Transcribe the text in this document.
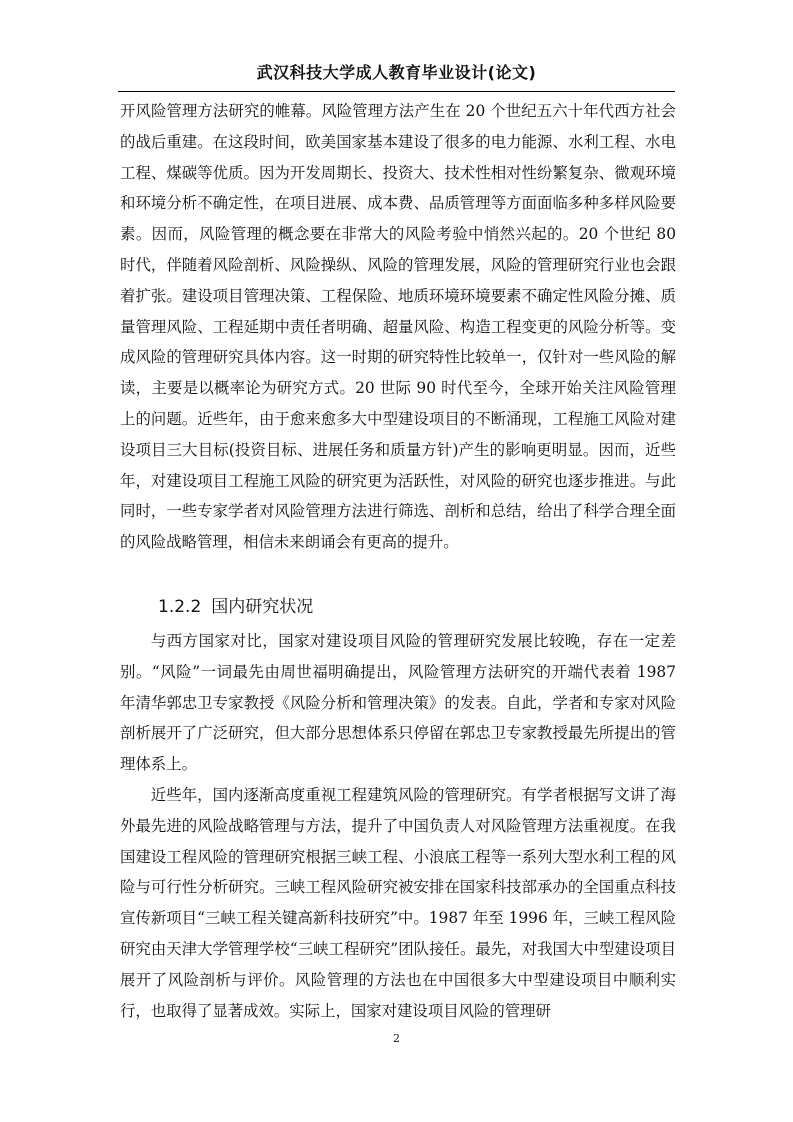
武汉科技大学成人教育毕业设计(论文)

开风险管理方法研究的帷幕。风险管理方法产生在 20 个世纪五六十年代西方社会的战后重建。在这段时间，欧美国家基本建设了很多的电力能源、水利工程、水电工程、煤碳等优质。因为开发周期长、投资大、技术性相对性纷繁复杂、微观环境和环境分析不确定性，在项目进展、成本费、品质管理等方面面临多种多样风险要素。因而，风险管理的概念要在非常大的风险考验中悄然兴起的。20 个世纪 80 时代，伴随着风险剖析、风险操纵、风险的管理发展，风险的管理研究行业也会跟着扩张。建设项目管理决策、工程保险、地质环境环境要素不确定性风险分摊、质量管理风险、工程延期中责任者明确、超量风险、构造工程变更的风险分析等。变成风险的管理研究具体内容。这一时期的研究特性比较单一，仅针对一些风险的解读，主要是以概率论为研究方式。20 世际 90 时代至今，全球开始关注风险管理上的问题。近些年，由于愈来愈多大中型建设项目的不断涌现，工程施工风险对建设项目三大目标(投资目标、进展任务和质量方针)产生的影响更明显。因而，近些年，对建设项目工程施工风险的研究更为活跃性，对风险的研究也逐步推进。与此同时，一些专家学者对风险管理方法进行筛选、剖析和总结，给出了科学合理全面的风险战略管理，相信未来朗诵会有更高的提升。

1.2.2 国内研究状况

与西方国家对比，国家对建设项目风险的管理研究发展比较晚，存在一定差别。“风险”一词最先由周世福明确提出，风险管理方法研究的开端代表着 1987 年清华郭忠卫专家教授《风险分析和管理决策》的发表。自此，学者和专家对风险剖析展开了广泛研究，但大部分思想体系只停留在郭忠卫专家教授最先所提出的管理体系上。

近些年，国内逐渐高度重视工程建筑风险的管理研究。有学者根据写文讲了海外最先进的风险战略管理与方法，提升了中国负责人对风险管理方法重视度。在我国建设工程风险的管理研究根据三峡工程、小浪底工程等一系列大型水利工程的风险与可行性分析研究。三峡工程风险研究被安排在国家科技部承办的全国重点科技宣传新项目“三峡工程关键高新科技研究”中。1987 年至 1996 年，三峡工程风险研究由天津大学管理学校“三峡工程研究”团队接任。最先，对我国大中型建设项目展开了风险剖析与评价。风险管理的方法也在中国很多大中型建设项目中顺利实行，也取得了显著成效。实际上，国家对建设项目风险的管理研

2
